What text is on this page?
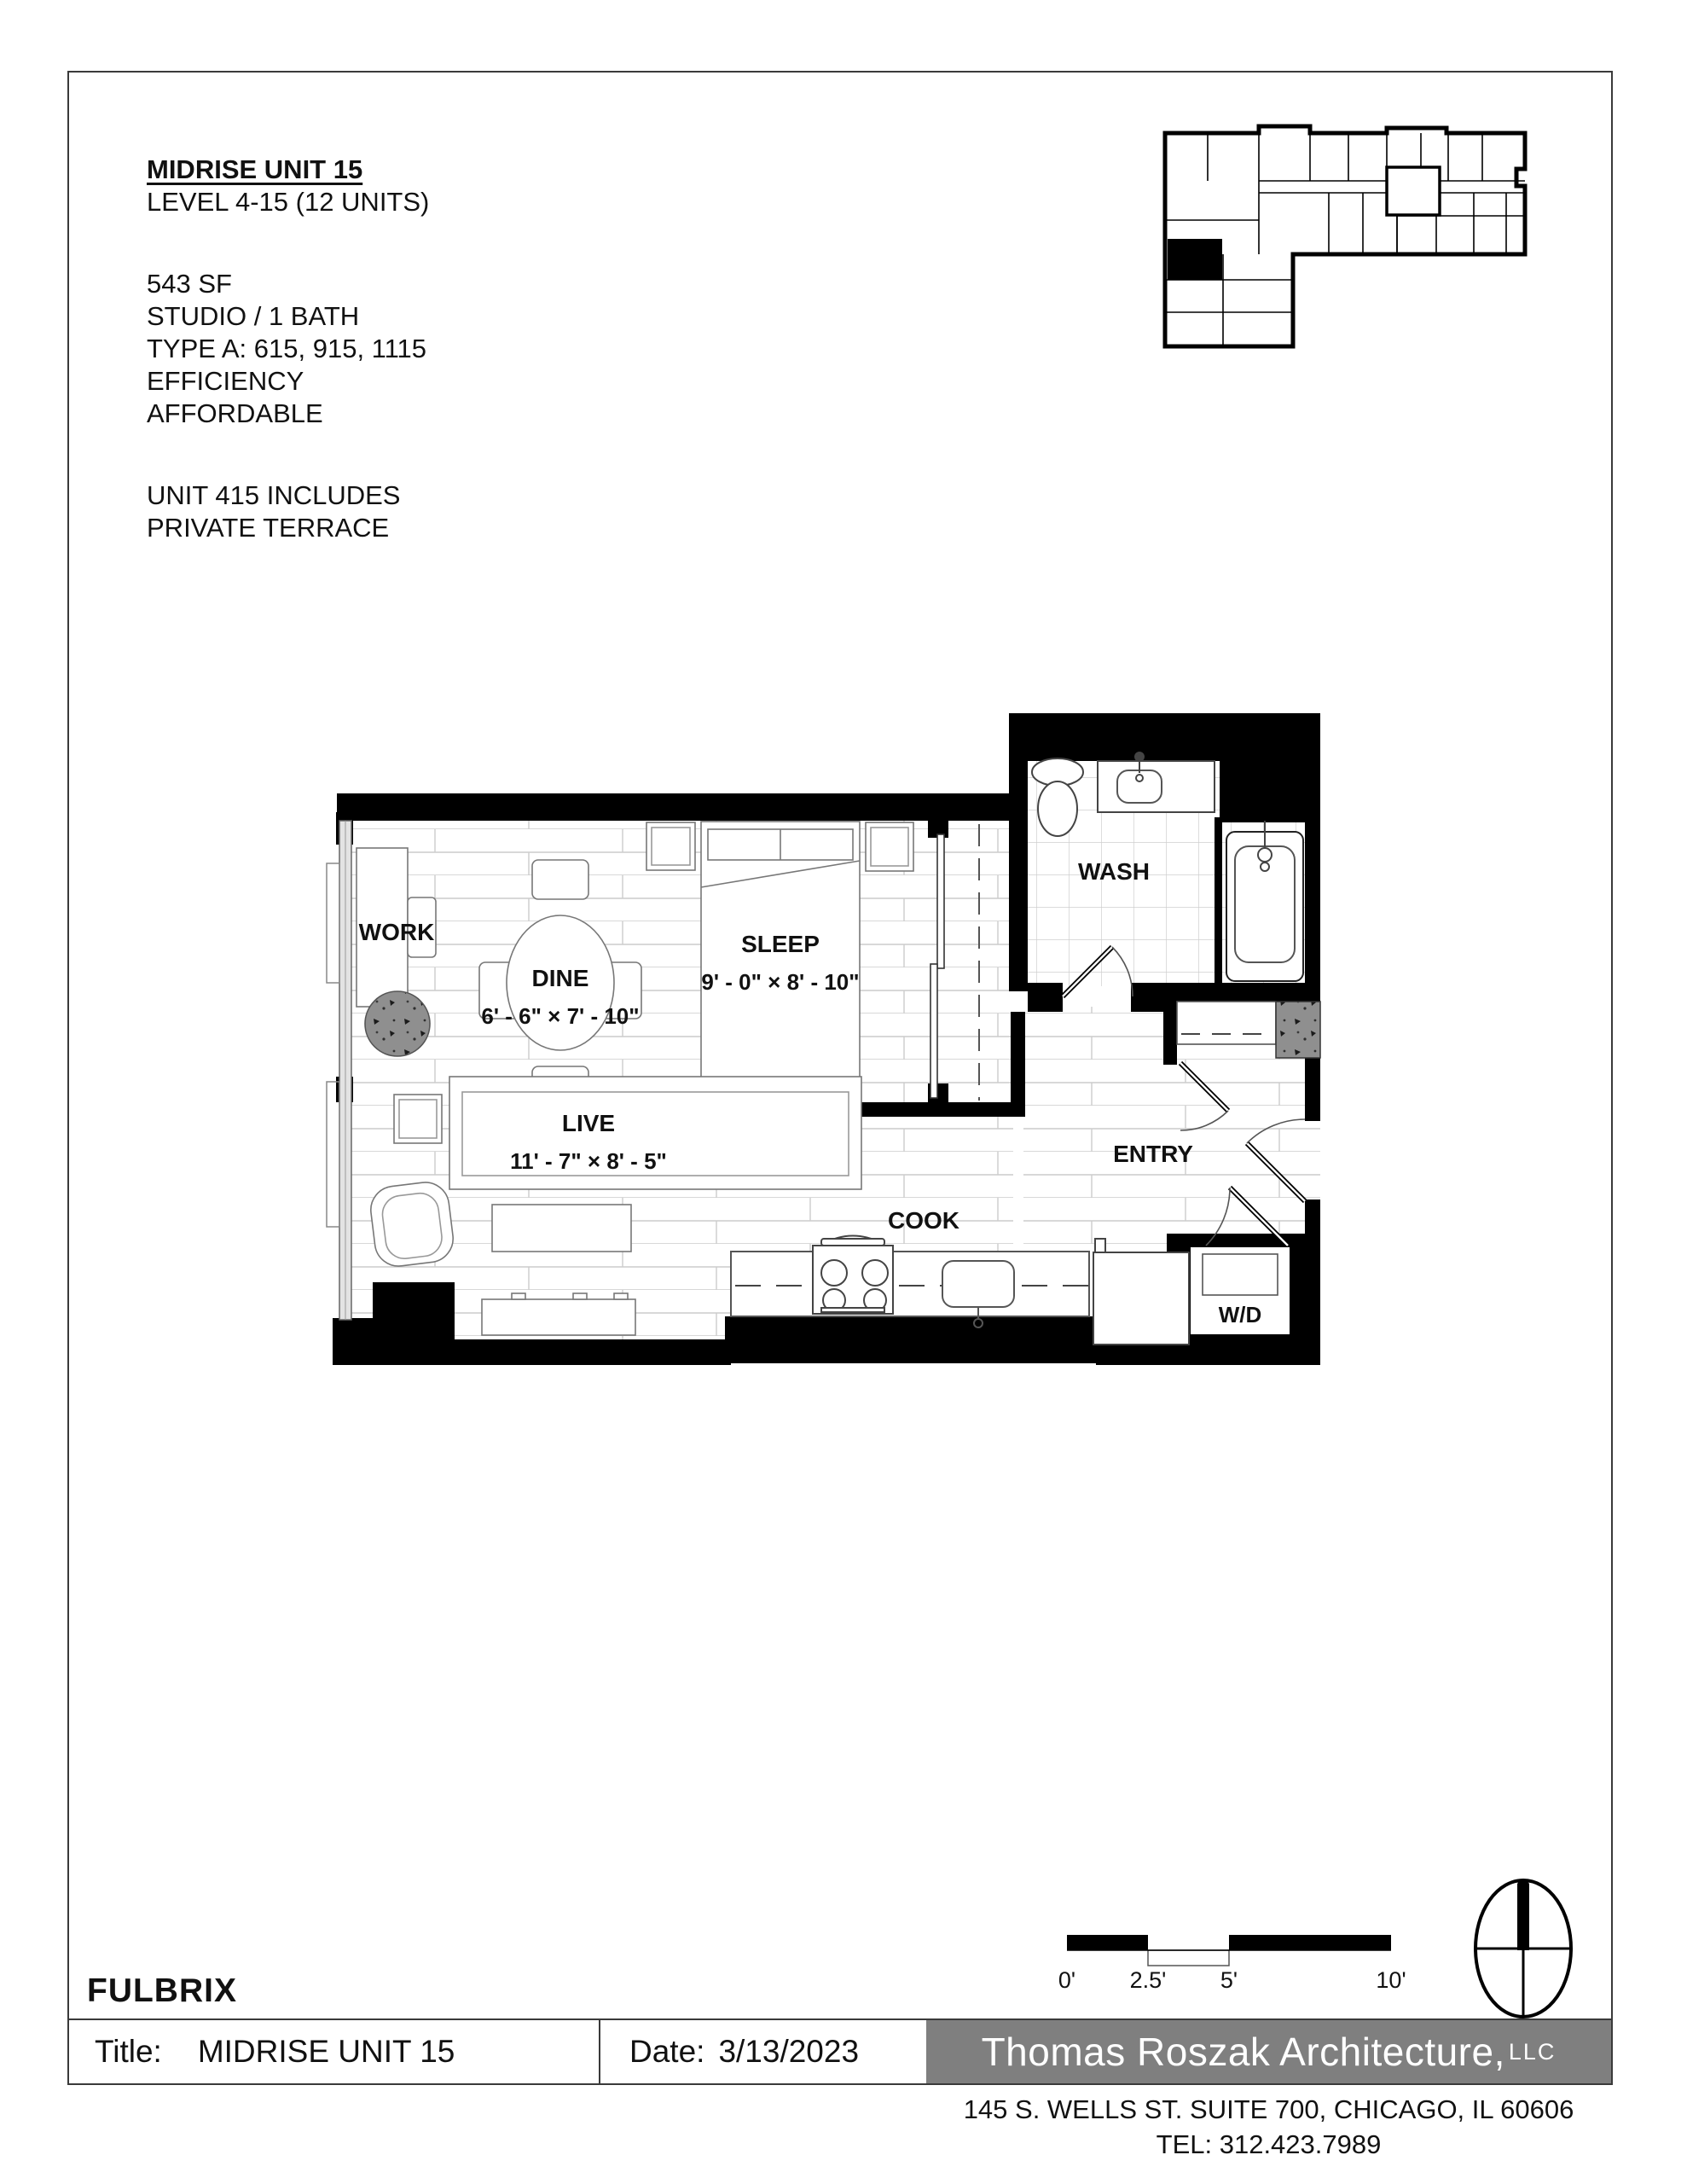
MIDRISE UNIT 15
LEVEL 4-15 (12 UNITS)
543 SF
STUDIO / 1 BATH
TYPE A: 615, 915, 1115
EFFICIENCY
AFFORDABLE
UNIT 415 INCLUDES
PRIVATE TERRACE
WORK
DINE
6' - 6" × 7' - 10"
SLEEP
9' - 0" × 8' - 10"
WASH
LIVE
11' - 7" × 8' - 5"
COOK
ENTRY
W/D
0' 2.5' 5'	10'
FULBRIX
Title: MIDRISE UNIT 15	Date: 3/13/2023	Thomas Roszak Architecture, LLC
145 S. WELLS ST. SUITE 700, CHICAGO, IL 60606
TEL: 312.423.7989
